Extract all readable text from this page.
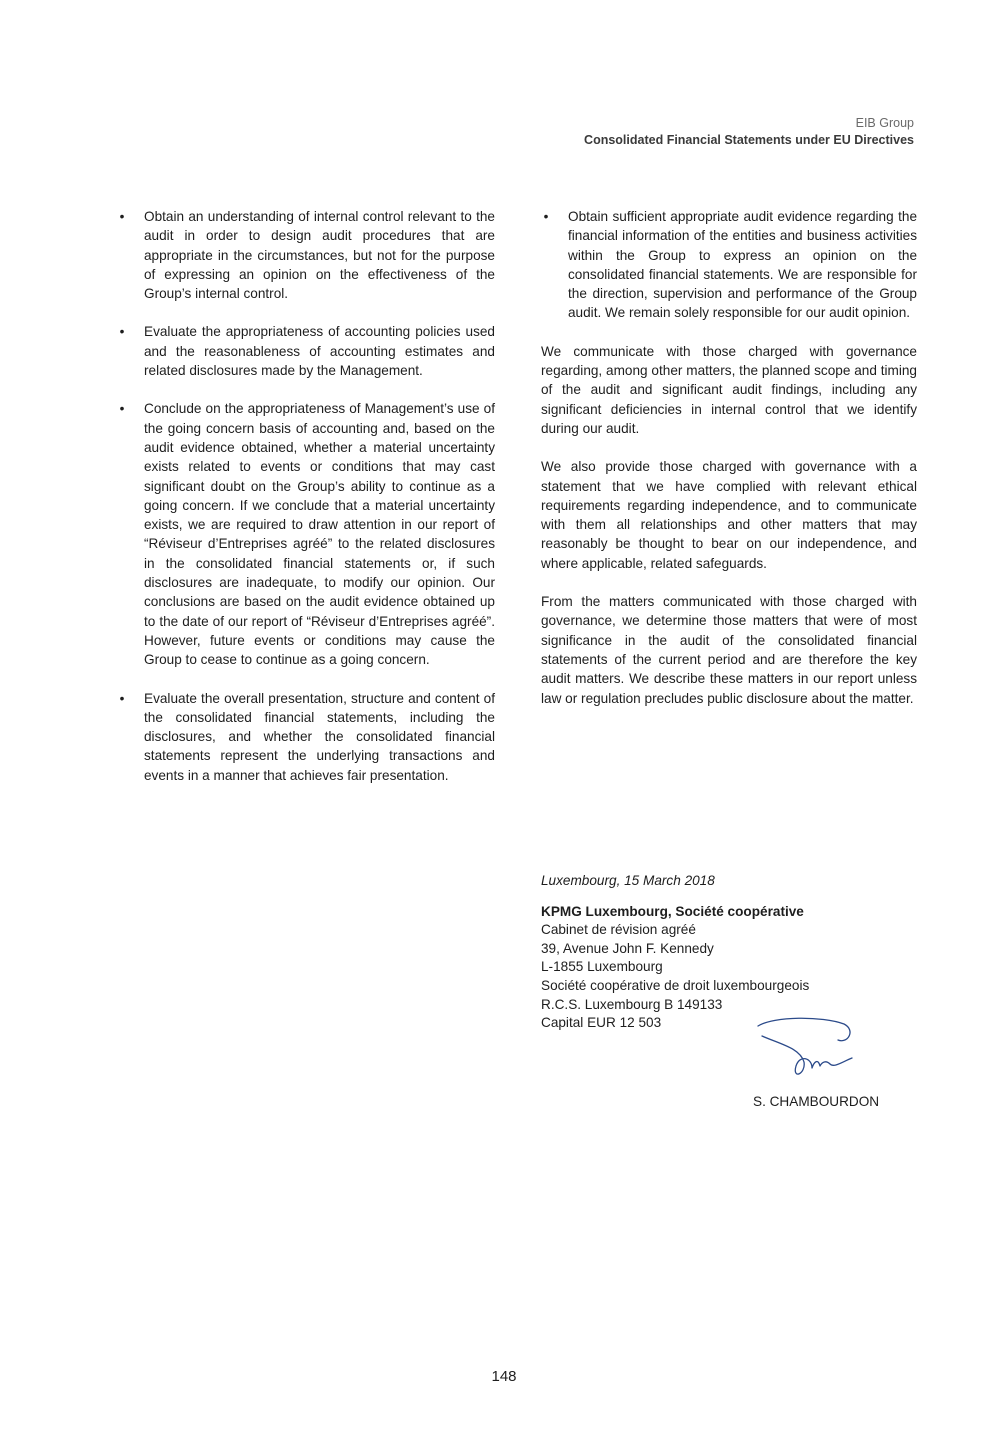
EIB Group
Consolidated Financial Statements under EU Directives
• Obtain an understanding of internal control relevant to the audit in order to design audit procedures that are appropriate in the circumstances, but not for the purpose of expressing an opinion on the effectiveness of the Group’s internal control.
• Evaluate the appropriateness of accounting policies used and the reasonableness of accounting estimates and related disclosures made by the Management.
• Conclude on the appropriateness of Management’s use of the going concern basis of accounting and, based on the audit evidence obtained, whether a material uncertainty exists related to events or conditions that may cast significant doubt on the Group’s ability to continue as a going concern. If we conclude that a material uncertainty exists, we are required to draw attention in our report of “Réviseur d’Entreprises agréé” to the related disclosures in the consolidated financial statements or, if such disclosures are inadequate, to modify our opinion. Our conclusions are based on the audit evidence obtained up to the date of our report of “Réviseur d’Entreprises agréé”. However, future events or conditions may cause the Group to cease to continue as a going concern.
• Evaluate the overall presentation, structure and content of the consolidated financial statements, including the disclosures, and whether the consolidated financial statements represent the underlying transactions and events in a manner that achieves fair presentation.
• Obtain sufficient appropriate audit evidence regarding the financial information of the entities and business activities within the Group to express an opinion on the consolidated financial statements. We are responsible for the direction, supervision and performance of the Group audit. We remain solely responsible for our audit opinion.

We communicate with those charged with governance regarding, among other matters, the planned scope and timing of the audit and significant audit findings, including any significant deficiencies in internal control that we identify during our audit.

We also provide those charged with governance with a statement that we have complied with relevant ethical requirements regarding independence, and to communicate with them all relationships and other matters that may reasonably be thought to bear on our independence, and where applicable, related safeguards.

From the matters communicated with those charged with governance, we determine those matters that were of most significance in the audit of the consolidated financial statements of the current period and are therefore the key audit matters. We describe these matters in our report unless law or regulation precludes public disclosure about the matter.

Luxembourg, 15 March 2018
KPMG Luxembourg, Société coopérative
Cabinet de révision agréé
39, Avenue John F. Kennedy
L-1855 Luxembourg
Société coopérative de droit luxembourgeois
R.C.S. Luxembourg B 149133
Capital EUR 12 503
S. CHAMBOURDON
148
